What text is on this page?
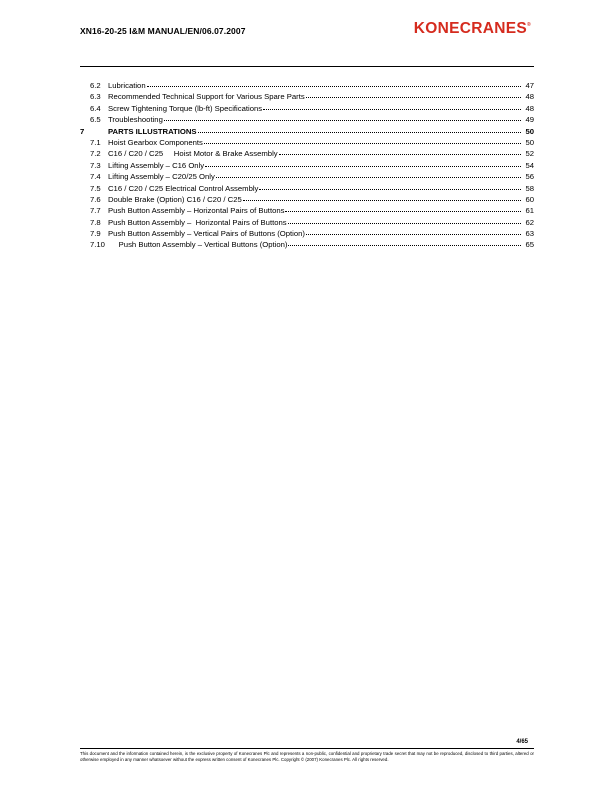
XN16-20-25 I&M MANUAL/EN/06.07.2007	KONECRANES®
6.2 Lubrication	47
6.3 Recommended Technical Support for Various Spare Parts	48
6.4 Screw Tightening Torque (lb-ft) Specifications	48
6.5 Troubleshooting	49
7	PARTS ILLUSTRATIONS	50
7.1 Hoist Gearbox Components	50
7.2 C16 / C20 / C25     Hoist Motor & Brake Assembly	52
7.3 Lifting Assembly – C16 Only	54
7.4 Lifting Assembly – C20/25 Only	56
7.5 C16 / C20 / C25 Electrical Control Assembly	58
7.6 Double Brake (Option) C16 / C20 / C25	60
7.7 Push Button Assembly – Horizontal Pairs of Buttons	61
7.8 Push Button Assembly –  Horizontal Pairs of Buttons	62
7.9 Push Button Assembly – Vertical Pairs of Buttons (Option)	63
7.10 Push Button Assembly – Vertical Buttons (Option)	65
4/65
This document and the information contained herein, is the exclusive property of Konecranes Plc and represents a non-public, confidential and proprietary trade secret that may not be reproduced, disclosed to third parties, altered or otherwise employed in any manner whatsoever without the express written consent of Konecranes Plc. Copyright © (2007) Konecranes Plc. All rights reserved.
